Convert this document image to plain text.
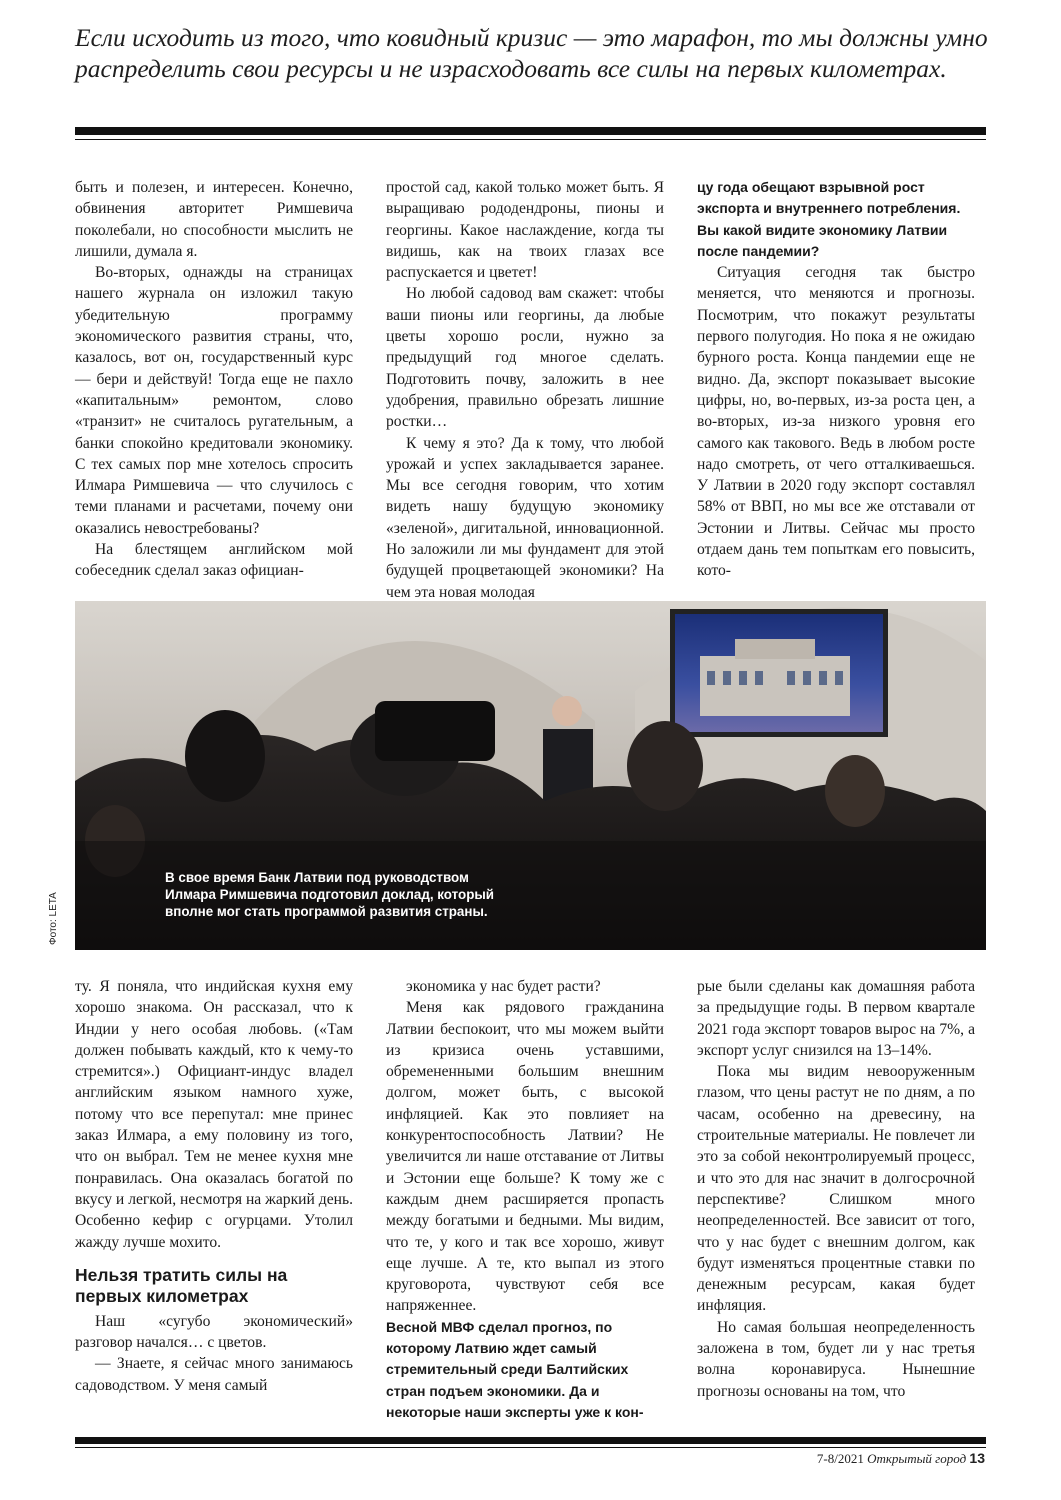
Если исходить из того, что ковидный кризис — это марафон, то мы должны умно распределить свои ресурсы и не израсходовать все силы на первых километрах.

быть и полезен, и интересен. Конечно, обвинения авторитет Римшевича поколебали, но способности мыслить не лишили, думала я.

Во-вторых, однажды на страницах нашего журнала он изложил такую убедительную программу экономического развития страны, что, казалось, вот он, государственный курс — бери и действуй! Тогда еще не пахло «капитальным» ремонтом, слово «транзит» не считалось ругательным, а банки спокойно кредитовали экономику. С тех самых пор мне хотелось спросить Илмара Римшевича — что случилось с теми планами и расчетами, почему они оказались невостребованы?

На блестящем английском мой собеседник сделал заказ официан-

простой сад, какой только может быть. Я выращиваю рододендроны, пионы и георгины. Какое наслаждение, когда ты видишь, как на твоих глазах все распускается и цветет!

Но любой садовод вам скажет: чтобы ваши пионы или георгины, да любые цветы хорошо росли, нужно за предыдущий год многое сделать. Подготовить почву, заложить в нее удобрения, правильно обрезать лишние ростки…

К чему я это? Да к тому, что любой урожай и успех закладывается заранее. Мы все сегодня говорим, что хотим видеть нашу будущую экономику «зеленой», дигитальной, инновационной. Но заложили ли мы фундамент для этой будущей процветающей экономики? На чем эта новая молодая

цу года обещают взрывной рост экспорта и внутреннего потребления. Вы какой видите экономику Латвии после пандемии?

Ситуация сегодня так быстро меняется, что меняются и прогнозы. Посмотрим, что покажут результаты первого полугодия. Но пока я не ожидаю бурного роста. Конца пандемии еще не видно. Да, экспорт показывает высокие цифры, но, во-первых, из-за роста цен, а во-вторых, из-за низкого уровня его самого как такового. Ведь в любом росте надо смотреть, от чего отталкиваешься. У Латвии в 2020 году экспорт составлял 58% от ВВП, но мы все же отставали от Эстонии и Литвы. Сейчас мы просто отдаем дань тем попыткам его повысить, кото-

В свое время Банк Латвии под руководством Илмара Римшевича подготовил доклад, который вполне мог стать программой развития страны.
Фото: LETA

ту. Я поняла, что индийская кухня ему хорошо знакома. Он рассказал, что к Индии у него особая любовь. («Там должен побывать каждый, кто к чему-то стремится».) Официант-индус владел английским языком намного хуже, потому что все перепутал: мне принес заказ Илмара, а ему половину из того, что он выбрал. Тем не менее кухня мне понравилась. Она оказалась богатой по вкусу и легкой, несмотря на жаркий день. Особенно кефир с огурцами. Утолил жажду лучше мохито.

Нельзя тратить силы на первых километрах

Наш «сугубо экономический» разговор начался… с цветов.

— Знаете, я сейчас много занимаюсь садоводством. У меня самый

экономика у нас будет расти?

Меня как рядового гражданина Латвии беспокоит, что мы можем выйти из кризиса очень уставшими, обремененными большим внешним долгом, может быть, с высокой инфляцией. Как это повлияет на конкурентоспособность Латвии? Не увеличится ли наше отставание от Литвы и Эстонии еще больше? К тому же с каждым днем расширяется пропасть между богатыми и бедными. Мы видим, что те, у кого и так все хорошо, живут еще лучше. А те, кто выпал из этого круговорота, чувствуют себя все напряженнее.

Весной МВФ сделал прогноз, по которому Латвию ждет самый стремительный среди Балтийских стран подъем экономики. Да и некоторые наши эксперты уже к кон-

рые были сделаны как домашняя работа за предыдущие годы. В первом квартале 2021 года экспорт товаров вырос на 7%, а экспорт услуг снизился на 13–14%.

Пока мы видим невооруженным глазом, что цены растут не по дням, а по часам, особенно на древесину, на строительные материалы. Не повлечет ли это за собой неконтролируемый процесс, и что это для нас значит в долгосрочной перспективе? Слишком много неопределенностей. Все зависит от того, что у нас будет с внешним долгом, как будут изменяться процентные ставки по денежным ресурсам, какая будет инфляция.

Но самая большая неопределенность заложена в том, будет ли у нас третья волна коронавируса. Нынешние прогнозы основаны на том, что

7-8/2021 Открытый город 13
